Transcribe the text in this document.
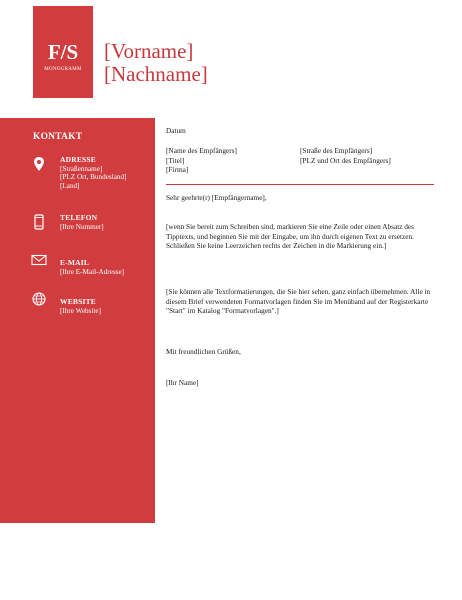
F/S
MONOGRAMM
[Vorname]
[Nachname]
KONTAKT
ADRESSE
[Straßenname]
[PLZ Ort, Bundesland]
[Land]
TELEFON
[Ihre Nummer]
E-MAIL
[Ihre E-Mail-Adresse]
WEBSITE
[Ihre Website]

Datum

[Name des Empfängers]
[Titel]
[Firma]
[Straße des Empfängers]
[PLZ und Ort des Empfängers]
Sehr geehrte(r) [Empfängername],
[wenn Sie bereit zum Schreiben sind, markieren Sie eine Zeile oder einen Absatz des Tipptexts, und beginnen Sie mit der Eingabe, um ihn durch eigenen Text zu ersetzen. Schließen Sie keine Leerzeichen rechts der Zeichen in die Markierung ein.]
[Sie können alle Textformatierungen, die Sie hier sehen, ganz einfach übernehmen. Alle in diesem Brief verwendeten Formatvorlagen finden Sie im Menüband auf der Registerkarte "Start" im Katalog "Formatvorlagen".]
Mit freundlichen Grüßen,
[Ihr Name]
